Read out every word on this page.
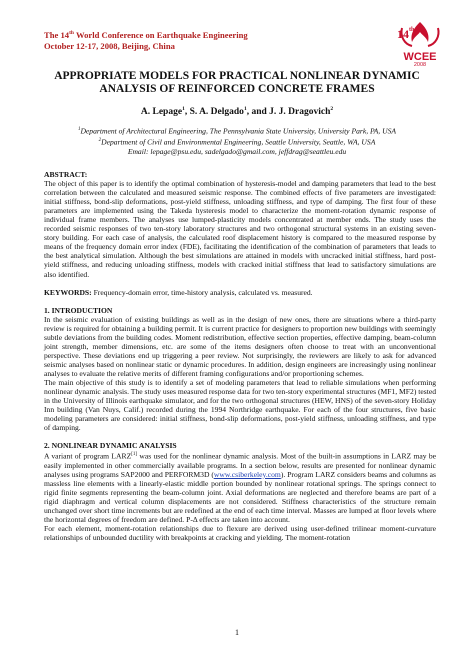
The 14th World Conference on Earthquake Engineering
October 12-17, 2008, Beijing, China
14 th
WCEE
2008
APPROPRIATE MODELS FOR PRACTICAL NONLINEAR DYNAMIC
ANALYSIS OF REINFORCED CONCRETE FRAMES
A. Lepage$^1$, S. A. Delgado$^1$, and J. J. Dragovich$^2$
$^1$Department of Architectural Engineering, The Pennsylvania State University, University Park, PA, USA
$^2$Department of Civil and Environmental Engineering, Seattle University, Seattle, WA, USA
Email: lepage@psu.edu, sadelgado@gmail.com, jeffdrag@seattleu.edu
ABSTRACT:
The object of this paper is to identify the optimal combination of hysteresis-model and damping parameters that lead to the best correlation between the calculated and measured seismic response. The combined effects of five parameters are investigated: initial stiffness, bond-slip deformations, post-yield stiffness, unloading stiffness, and type of damping. The first four of these parameters are implemented using the Takeda hysteresis model to characterize the moment-rotation dynamic response of individual frame members. The analyses use lumped-plasticity models concentrated at member ends. The study uses the recorded seismic responses of two ten-story laboratory structures and two orthogonal structural systems in an existing seven-story building. For each case of analysis, the calculated roof displacement history is compared to the measured response by means of the frequency domain error index (FDE), facilitating the identification of the combination of parameters that leads to the best analytical simulation. Although the best simulations are attained in models with uncracked initial stiffness, hard post-yield stiffness, and reducing unloading stiffness, models with cracked initial stiffness that lead to satisfactory simulations are also identified.
KEYWORDS: Frequency-domain error, time-history analysis, calculated vs. measured.
1. INTRODUCTION
In the seismic evaluation of existing buildings as well as in the design of new ones, there are situations where a third-party review is required for obtaining a building permit. It is current practice for designers to proportion new buildings with seemingly subtle deviations from the building codes. Moment redistribution, effective section properties, effective damping, beam-column joint strength, member dimensions, etc. are some of the items designers often choose to treat with an unconventional perspective. These deviations end up triggering a peer review. Not surprisingly, the reviewers are likely to ask for advanced seismic analyses based on nonlinear static or dynamic procedures. In addition, design engineers are increasingly using nonlinear analyses to evaluate the relative merits of different framing configurations and/or proportioning schemes.
The main objective of this study is to identify a set of modeling parameters that lead to reliable simulations when performing nonlinear dynamic analysis. The study uses measured response data for two ten-story experimental structures (MF1, MF2) tested in the University of Illinois earthquake simulator, and for the two orthogonal structures (HEW, HNS) of the seven-story Holiday Inn building (Van Nuys, Calif.) recorded during the 1994 Northridge earthquake. For each of the four structures, five basic modeling parameters are considered: initial stiffness, bond-slip deformations, post-yield stiffness, unloading stiffness, and type of damping.
2. NONLINEAR DYNAMIC ANALYSIS
A variant of program LARZ[1] was used for the nonlinear dynamic analysis. Most of the built-in assumptions in LARZ may be easily implemented in other commercially available programs. In a section below, results are presented for nonlinear dynamic analyses using programs SAP2000 and PERFORM3D (www.csiberkeley.com). Program LARZ considers beams and columns as massless line elements with a linearly-elastic middle portion bounded by nonlinear rotational springs. The springs connect to rigid finite segments representing the beam-column joint. Axial deformations are neglected and therefore beams are part of a rigid diaphragm and vertical column displacements are not considered. Stiffness characteristics of the structure remain unchanged over short time increments but are redefined at the end of each time interval. Masses are lumped at floor levels where the horizontal degrees of freedom are defined. P-Δ effects are taken into account.
For each element, moment-rotation relationships due to flexure are derived using user-defined trilinear moment-curvature relationships of unbounded ductility with breakpoints at cracking and yielding. The moment-rotation
1
